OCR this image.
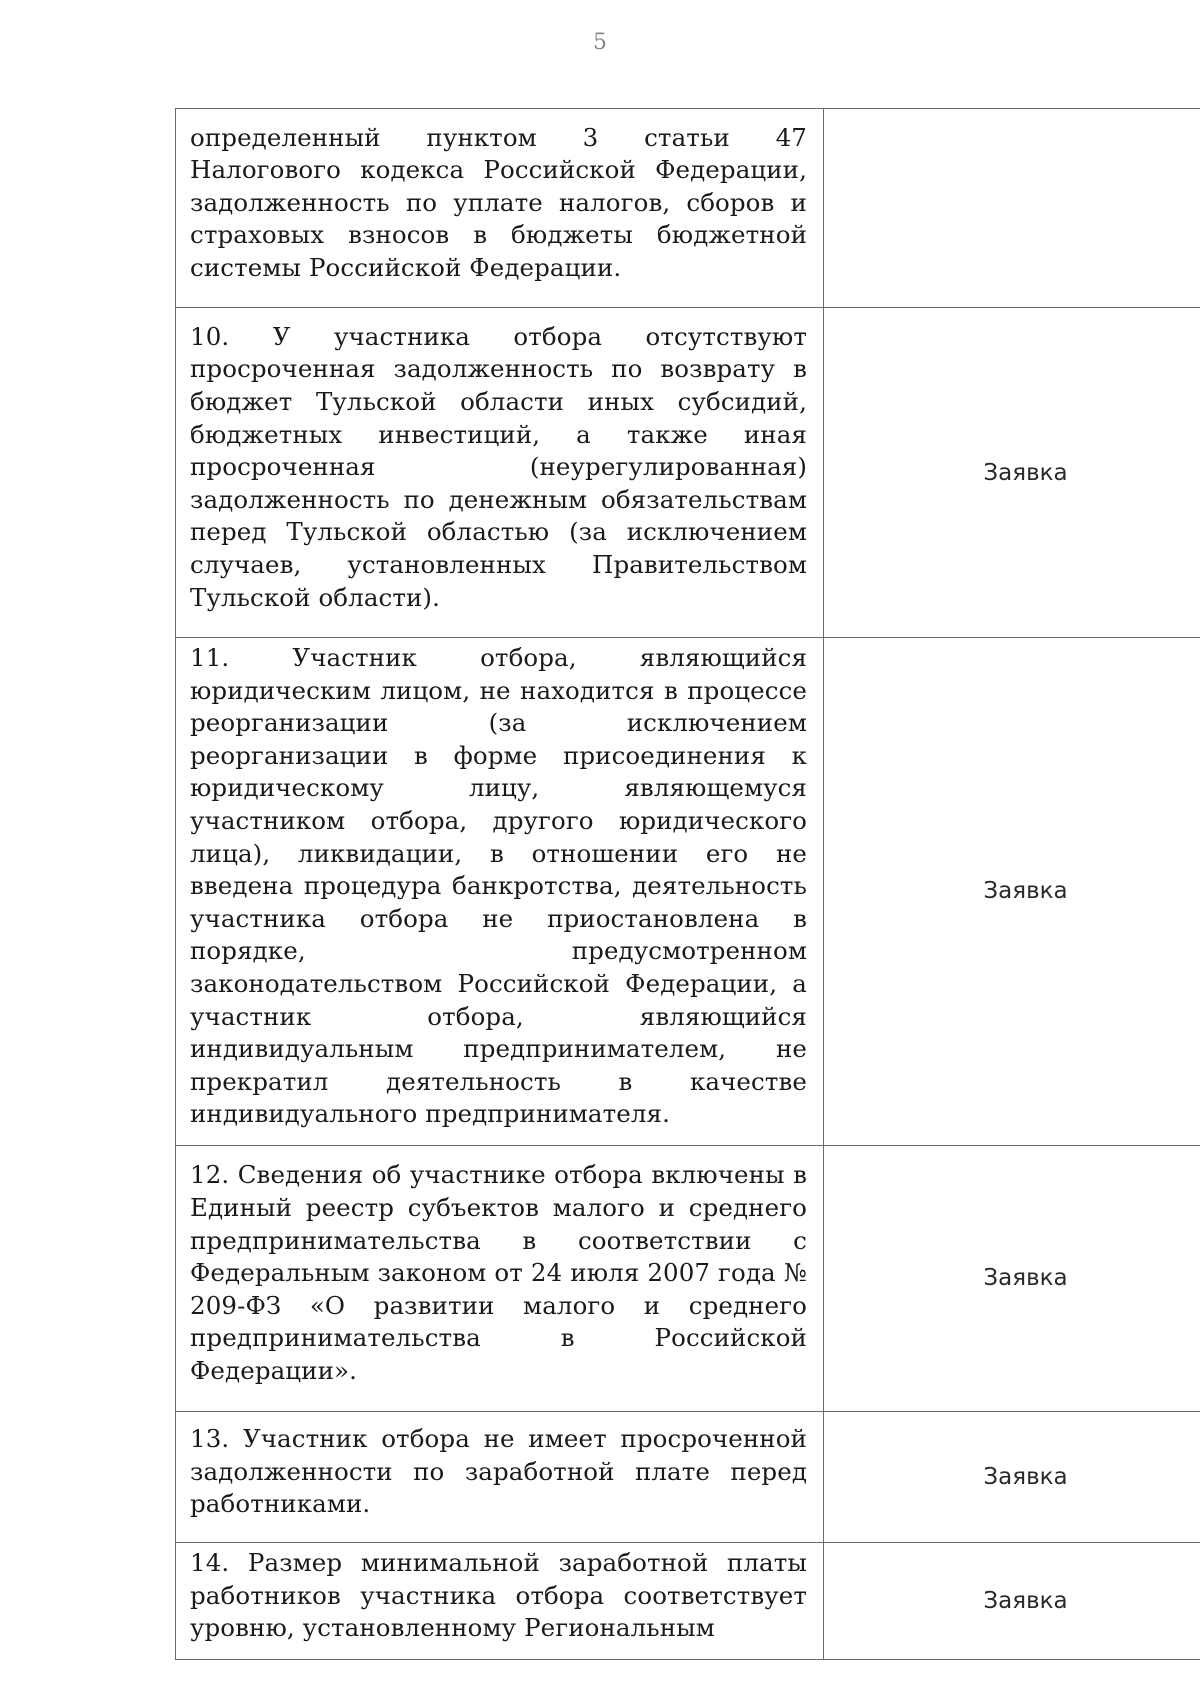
5

определенный пунктом 3 статьи 47 Налогового кодекса Российской Федерации, задолженность по уплате налогов, сборов и страховых взносов в бюджеты бюджетной системы Российской Федерации.	

10. У участника отбора отсутствуют просроченная задолженность по возврату в бюджет Тульской области иных субсидий, бюджетных инвестиций, а также иная просроченная (неурегулированная) задолженность по денежным обязательствам перед Тульской областью (за исключением случаев, установленных Правительством Тульской области).	Заявка

11. Участник отбора, являющийся юридическим лицом, не находится в процессе реорганизации (за исключением реорганизации в форме присоединения к юридическому лицу, являющемуся участником отбора, другого юридического лица), ликвидации, в отношении его не введена процедура банкротства, деятельность участника отбора не приостановлена в порядке, предусмотренном законодательством Российской Федерации, а участник отбора, являющийся индивидуальным предпринимателем, не прекратил деятельность в качестве индивидуального предпринимателя.	Заявка

12. Сведения об участнике отбора включены в Единый реестр субъектов малого и среднего предпринимательства в соответствии с Федеральным законом от 24 июля 2007 года № 209-ФЗ «О развитии малого и среднего предпринимательства в Российской Федерации».	Заявка

13. Участник отбора не имеет просроченной задолженности по заработной плате перед работниками.	Заявка

14. Размер минимальной заработной платы работников участника отбора соответствует уровню, установленному Региональным	Заявка
